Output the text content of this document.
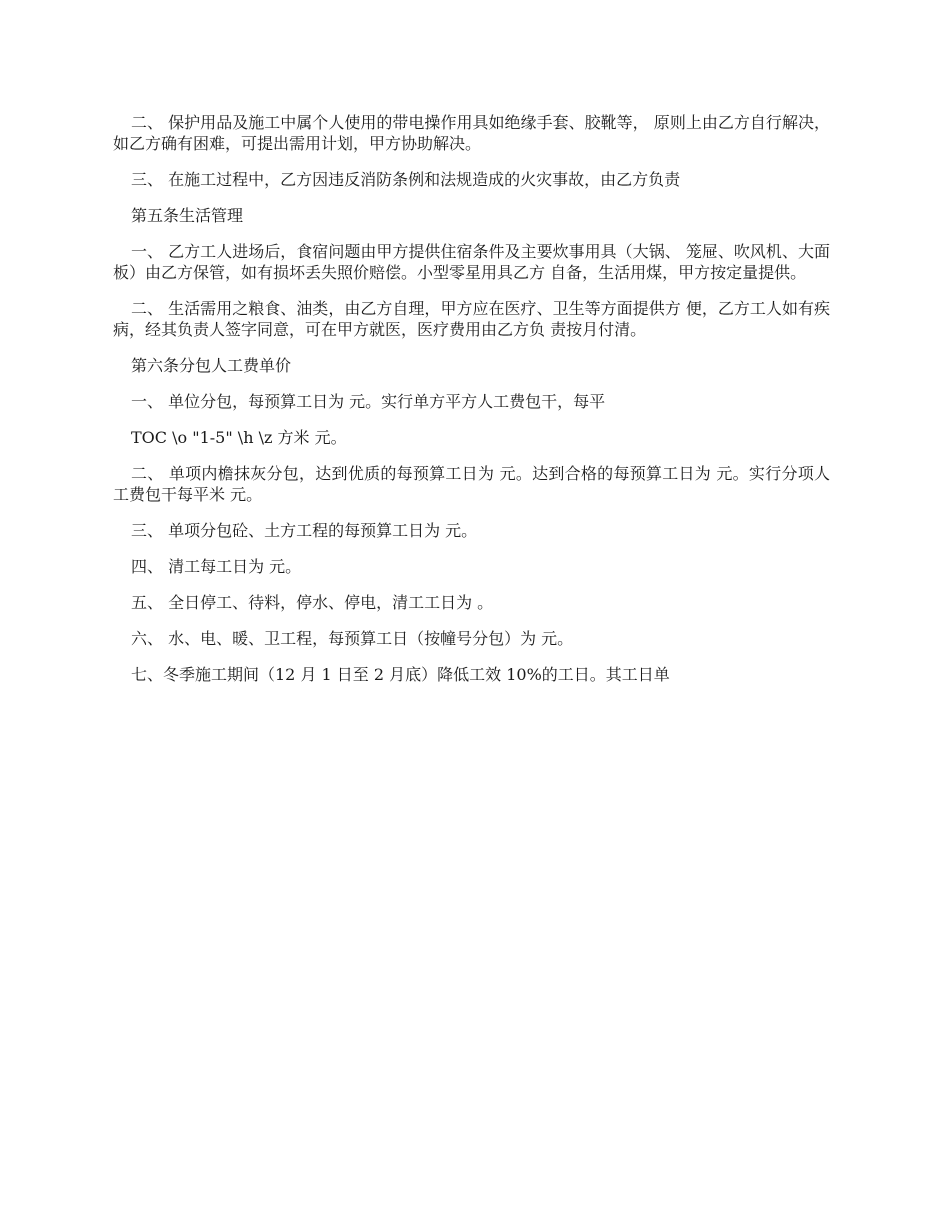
二、 保护用品及施工中属个人使用的带电操作用具如绝缘手套、胶靴等， 原则上由乙方自行解决，如乙方确有困难，可提出需用计划，甲方协助解决。

三、 在施工过程中，乙方因违反消防条例和法规造成的火灾事故，由乙方负责

第五条生活管理

一、 乙方工人进场后，食宿问题由甲方提供住宿条件及主要炊事用具（大锅、 笼屉、吹风机、大面板）由乙方保管，如有损坏丢失照价赔偿。小型零星用具乙方 自备，生活用煤，甲方按定量提供。

二、 生活需用之粮食、油类，由乙方自理，甲方应在医疗、卫生等方面提供方 便，乙方工人如有疾病，经其负责人签字同意，可在甲方就医，医疗费用由乙方负 责按月付清。

第六条分包人工费单价

一、 单位分包，每预算工日为 元。实行单方平方人工费包干，每平

TOC \o "1-5" \h \z 方米 元。

二、 单项内檐抹灰分包，达到优质的每预算工日为 元。达到合格的每预算工日为 元。实行分项人工费包干每平米 元。

三、 单项分包砼、土方工程的每预算工日为 元。

四、 清工每工日为 元。

五、 全日停工、待料，停水、停电，清工工日为 。

六、 水、电、暖、卫工程，每预算工日（按幢号分包）为 元。

七、冬季施工期间（12 月 1 日至 2 月底）降低工效 10%的工日。其工日单
